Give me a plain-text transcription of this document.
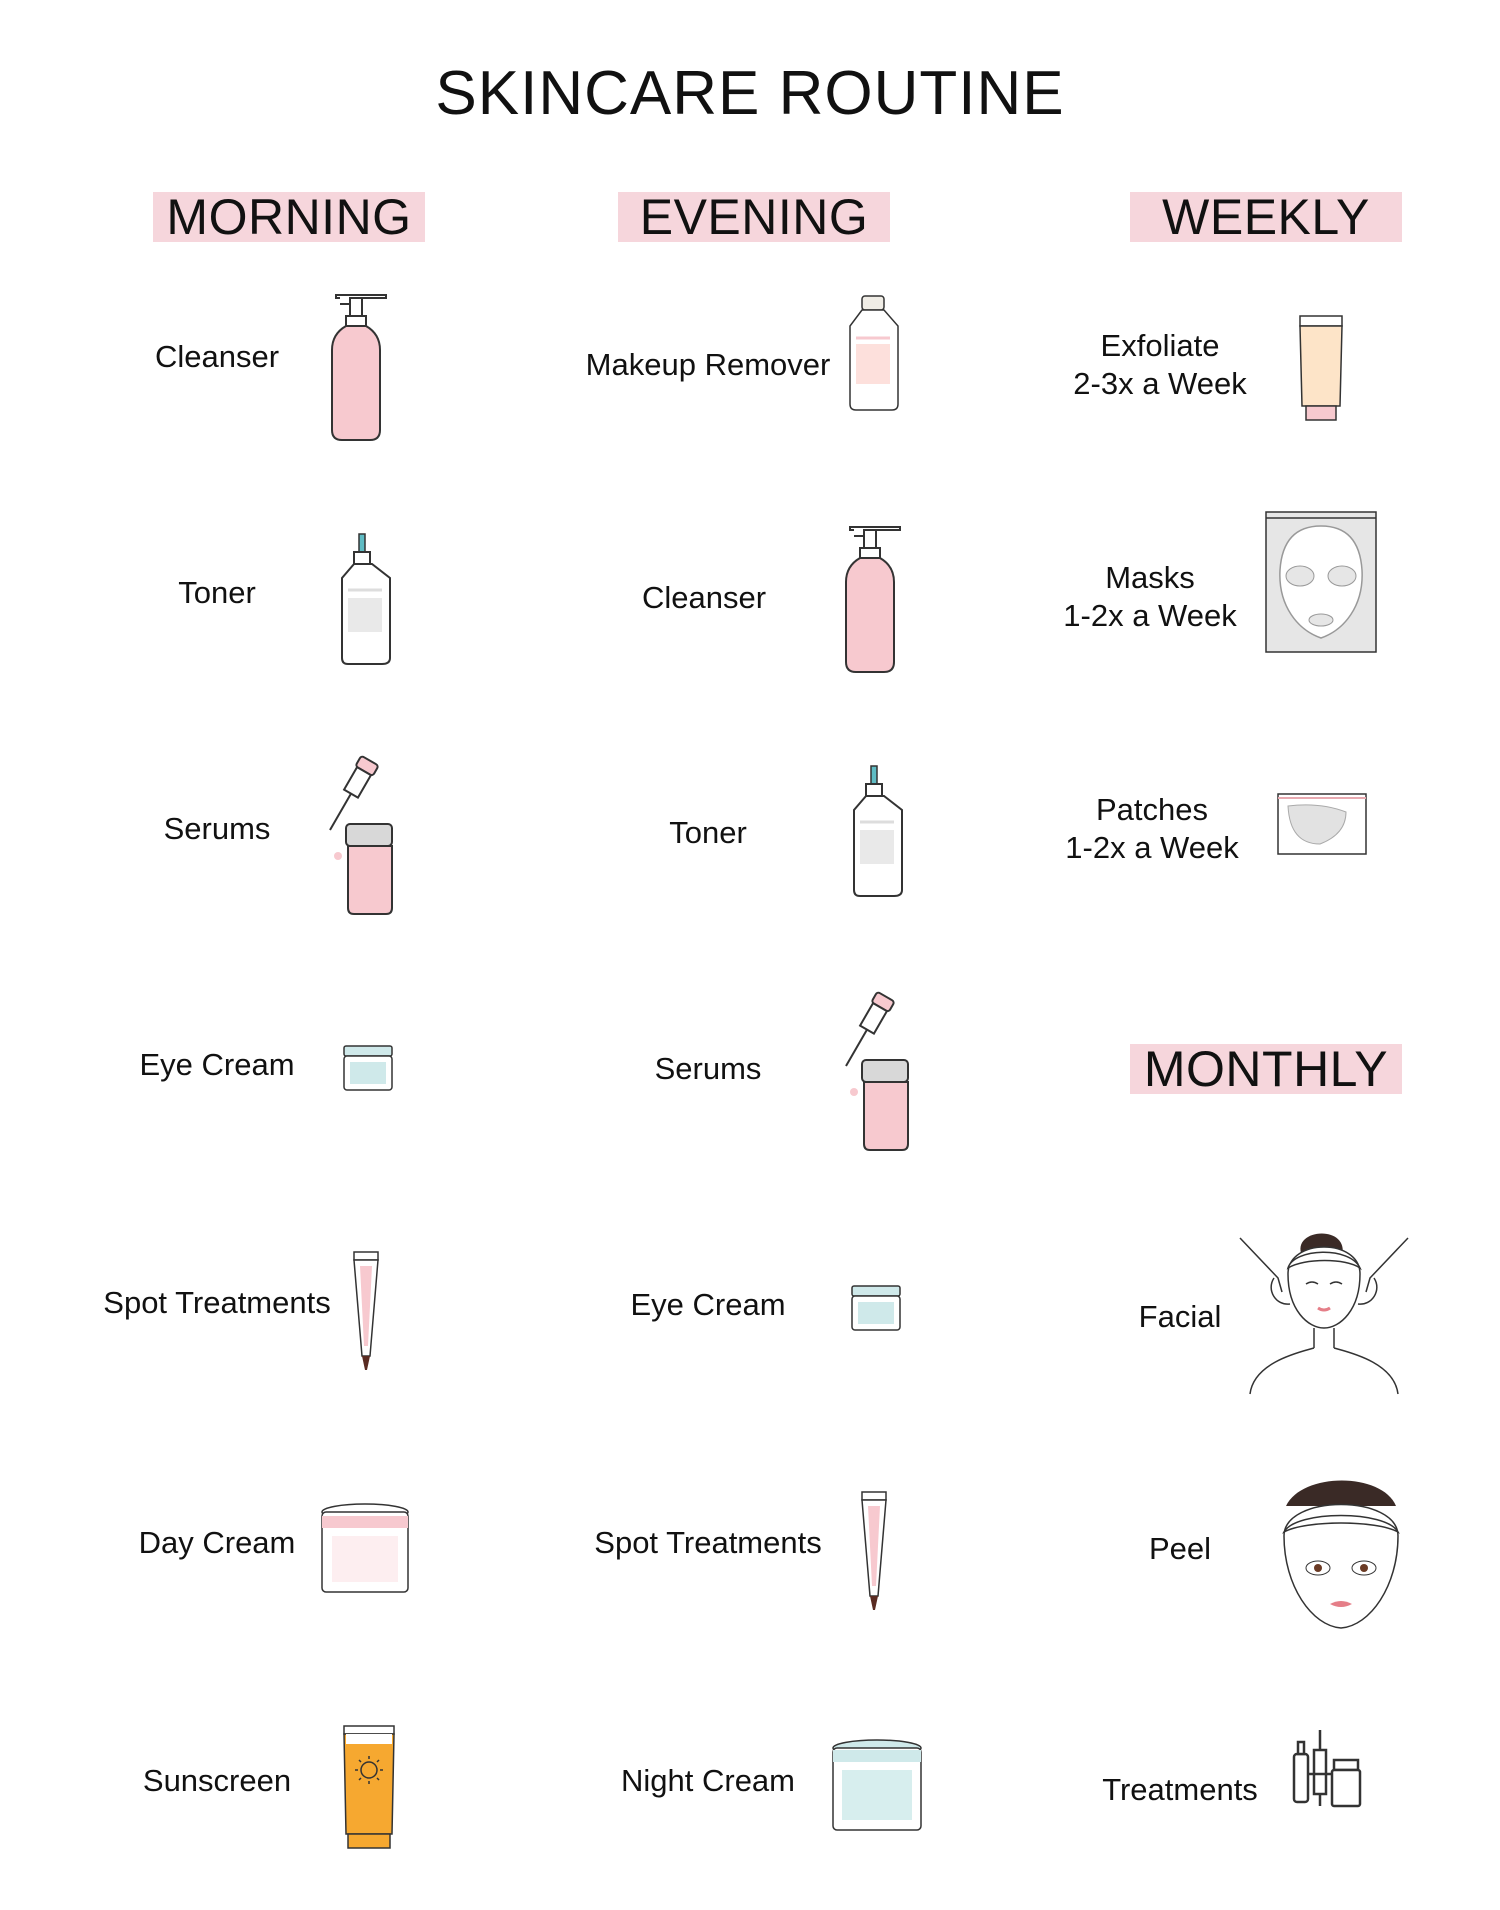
SKINCARE ROUTINE
MORNING	EVENING	WEEKLY
MONTHLY
Cleanser
Toner
Serums
Eye Cream
Spot Treatments
Day Cream
Sunscreen
Makeup Remover
Cleanser
Toner
Serums
Eye Cream
Spot Treatments
Night Cream
Exfoliate
2-3x a Week
Masks
1-2x a Week
Patches
1-2x a Week
Facial
Peel
Treatments
